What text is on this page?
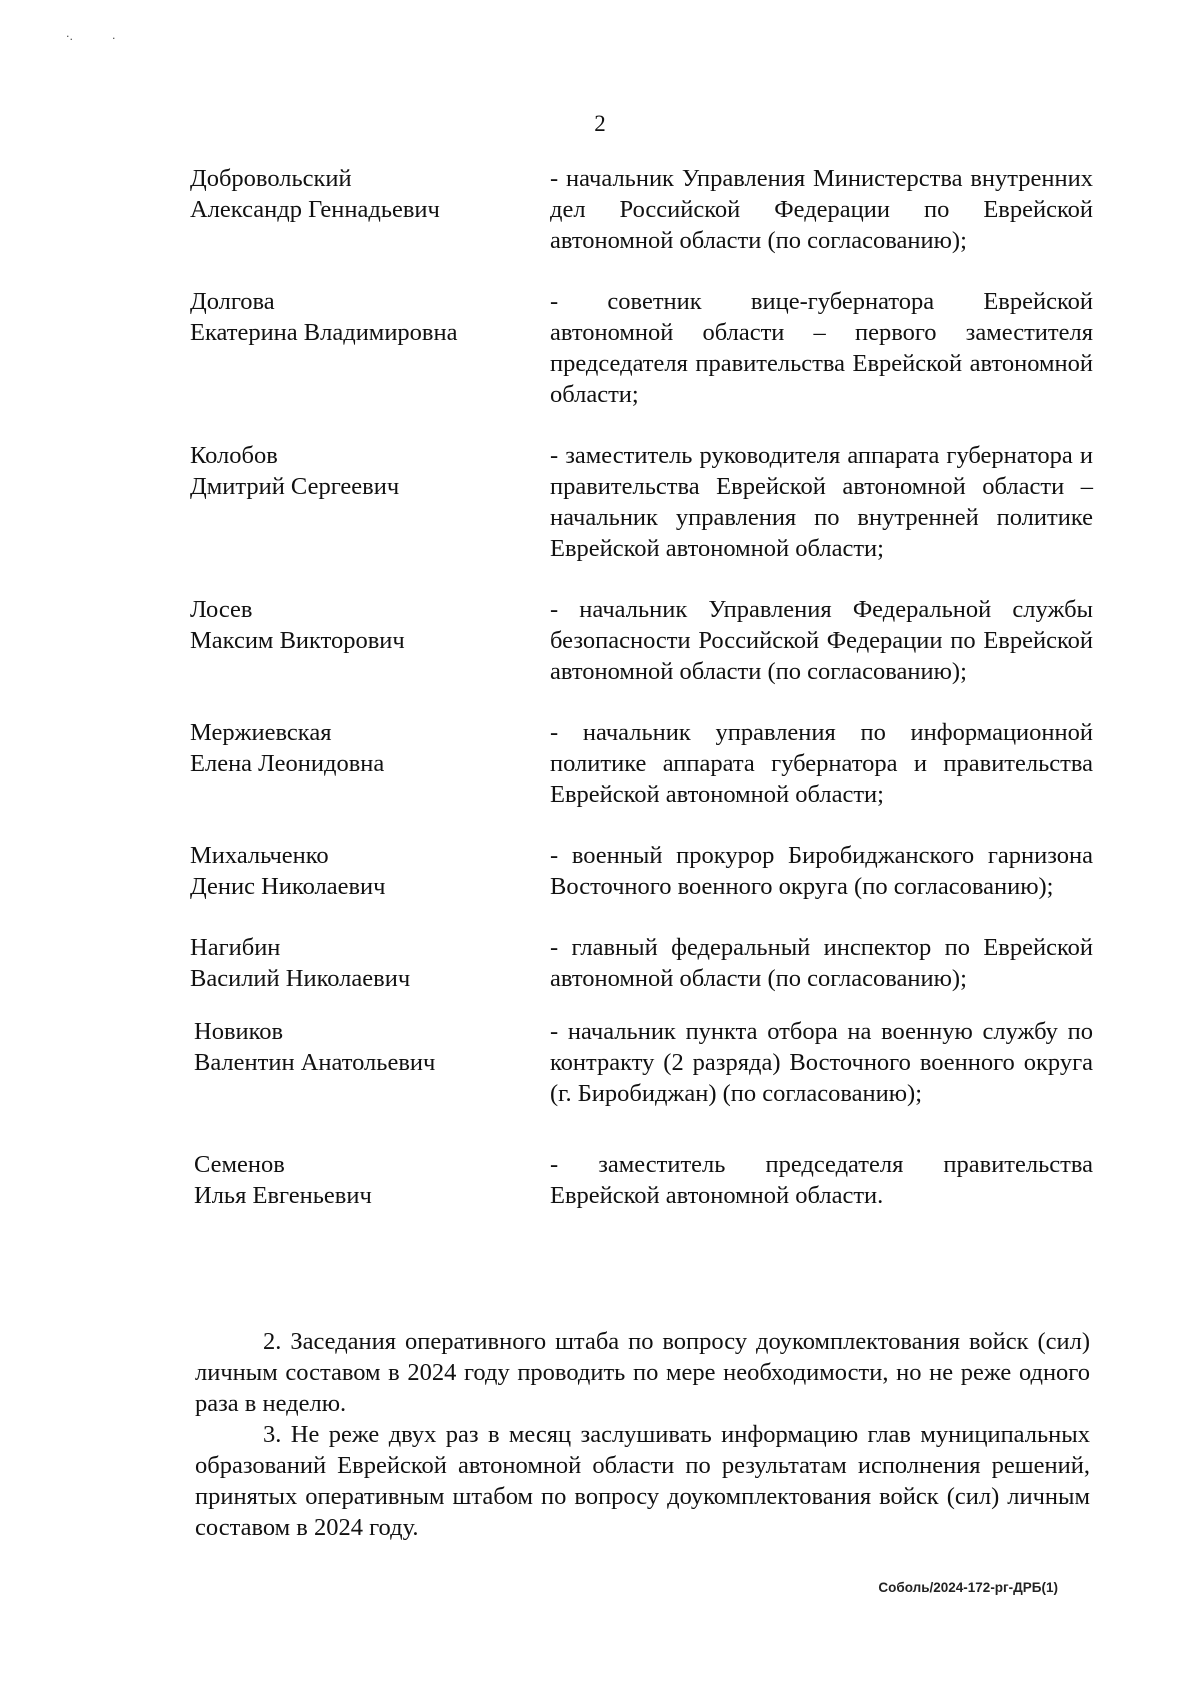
·.	·
2
Добровольский
Александр Геннадьевич
- начальник Управления Министерства внутренних дел Российской Федерации по Еврейской автономной области (по согласованию);
Долгова
Екатерина Владимировна
- советник вице-губернатора Еврейской автономной области – первого заместителя председателя правительства Еврейской автономной области;
Колобов
Дмитрий Сергеевич
- заместитель руководителя аппарата губернатора и правительства Еврейской автономной области – начальник управления по внутренней политике Еврейской автономной области;
Лосев
Максим Викторович
- начальник Управления Федеральной службы безопасности Российской Федерации по Еврейской автономной области (по согласованию);
Мержиевская
Елена Леонидовна
- начальник управления по информационной политике аппарата губернатора и правительства Еврейской автономной области;
Михальченко
Денис Николаевич
- военный прокурор Биробиджанского гарнизона Восточного военного округа (по согласованию);
Нагибин
Василий Николаевич
- главный федеральный инспектор по Еврейской автономной области (по согласованию);
Новиков
Валентин Анатольевич
- начальник пункта отбора на военную службу по контракту (2 разряда) Восточного военного округа (г. Биробиджан) (по согласованию);
Семенов
Илья Евгеньевич
- заместитель председателя правительства Еврейской автономной области.

2. Заседания оперативного штаба по вопросу доукомплектования войск (сил) личным составом в 2024 году проводить по мере необходимости, но не реже одного раза в неделю.

3. Не реже двух раз в месяц заслушивать информацию глав муниципальных образований Еврейской автономной области по результатам исполнения решений, принятых оперативным штабом по вопросу доукомплектования войск (сил) личным составом в 2024 году.

Соболь/2024-172-рг-ДРБ(1)
